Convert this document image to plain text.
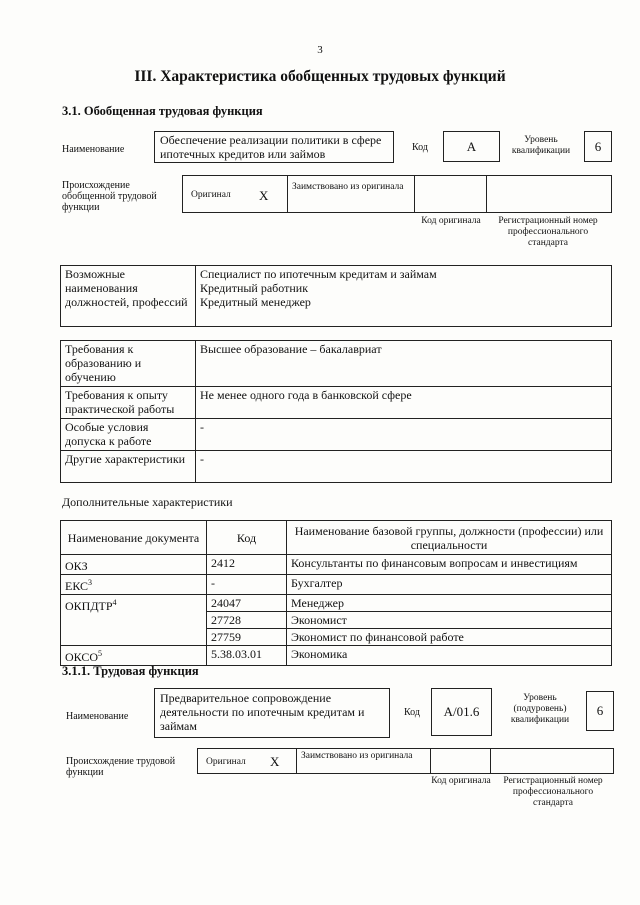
3
III. Характеристика обобщенных трудовых функций
3.1. Обобщенная трудовая функция
Наименование
Обеспечение реализации политики в сфере ипотечных кредитов или займов	Код	А	Уровень квалификации	6
Происхождение обобщенной трудовой функции
Оригинал X
Заимствовано из оригинала
Код оригинала	Регистрационный номер профессионального стандарта
Возможные наименования должностей, профессий	
Специалист по ипотечным кредитам и займам
Кредитный работник
Кредитный менеджер
Требования к образованию и обучению	Высшее образование – бакалавриат
Требования к опыту практической работы	Не менее одного года в банковской сфере
Особые условия допуска к работе	-
Другие характеристики	-
Дополнительные характеристики
Наименование документа	Код	Наименование базовой группы, должности (профессии) или специальности
ОКЗ	2412	Консультанты по финансовым вопросам и инвестициям
ЕКС$^3$	-	Бухгалтер
ОКПДТР$^4$	24047	Менеджер
	27728	Экономист
	27759	Экономист по финансовой работе
ОКСО$^5$	5.38.03.01	Экономика
3.1.1. Трудовая функция
Наименование
Предварительное сопровождение деятельности по ипотечным кредитам и займам
Код	A/01.6
Уровень (подуровень) квалификации
6
Происхождение трудовой функции
Оригинал X	Заимствовано из оригинала
Код оригинала	Регистрационный номер профессионального стандарта
